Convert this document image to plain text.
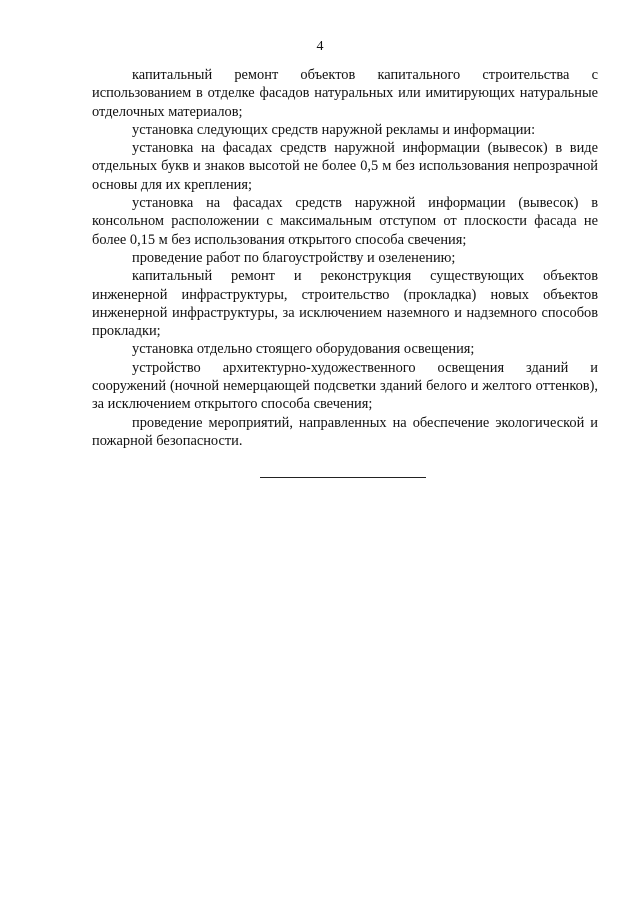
4

капитальный ремонт объектов капитального строительства с использованием в отделке фасадов натуральных или имитирующих натуральные отделочных материалов;

установка следующих средств наружной рекламы и информации:

установка на фасадах средств наружной информации (вывесок) в виде отдельных букв и знаков высотой не более 0,5 м без использования непрозрачной основы для их крепления;

установка на фасадах средств наружной информации (вывесок) в консольном расположении с максимальным отступом от плоскости фасада не более 0,15 м без использования открытого способа свечения;

проведение работ по благоустройству и озеленению;

капитальный ремонт и реконструкция существующих объектов инженерной инфраструктуры, строительство (прокладка) новых объектов инженерной инфраструктуры, за исключением наземного и надземного способов прокладки;

установка отдельно стоящего оборудования освещения;

устройство архитектурно-художественного освещения зданий и сооружений (ночной немерцающей подсветки зданий белого и желтого оттенков), за исключением открытого способа свечения;

проведение мероприятий, направленных на обеспечение экологической и пожарной безопасности.
